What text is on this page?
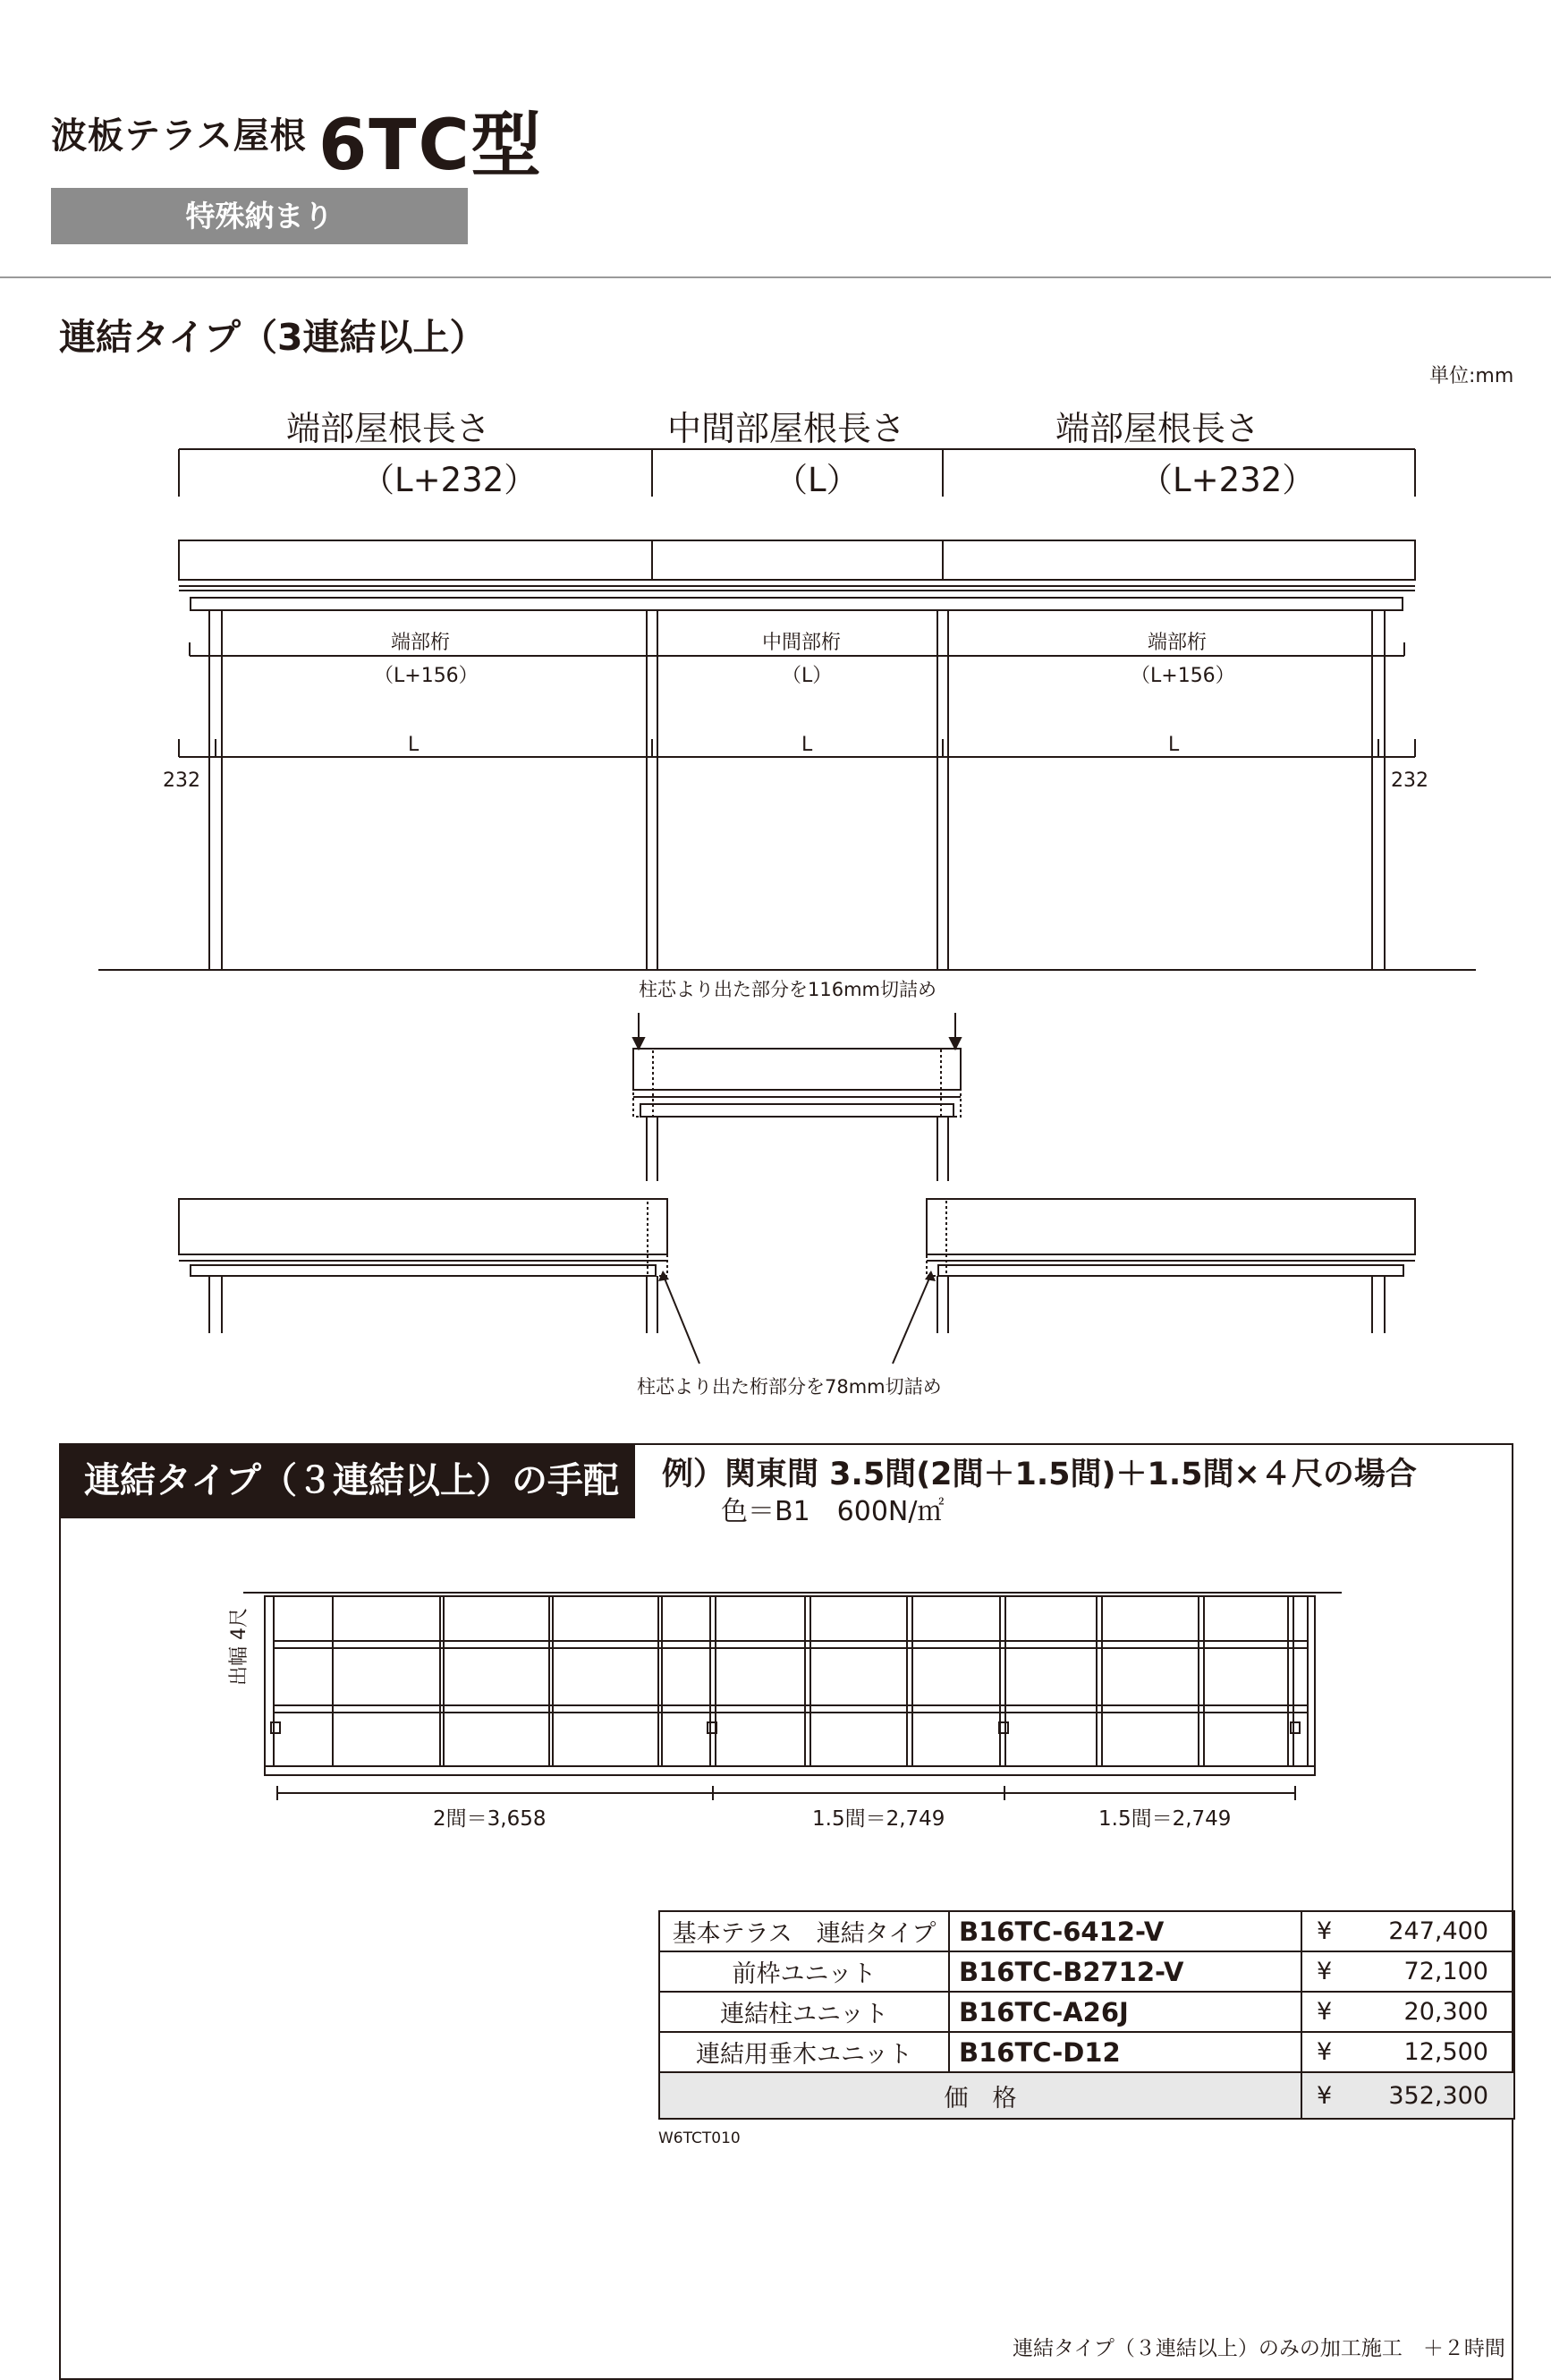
波板テラス屋根 6TC型
特殊納まり
連結タイプ（3連結以上）
単位:mm
端部屋根長さ
（L+232）
中間部屋根長さ
（L）
端部屋根長さ
（L+232）
端部桁
（L+156）
L
中間部桁
（L）
L
端部桁
（L+156）
L
232	232
柱芯より出た部分を116mm切詰め
柱芯より出た桁部分を78mm切詰め
連結タイプ（３連結以上）の手配	例）関東間 3.5間(2間＋1.5間)＋1.5間×４尺の場合
色＝B1　600N/㎡
出幅 4尺
2間＝3,658	1.5間＝2,749	1.5間＝2,749
基本テラス　連結タイプ	B16TC-6412-V	¥ 247,400
前枠ユニット	B16TC-B2712-V	¥ 72,100
連結柱ユニット	B16TC-A26J	¥ 20,300
連結用垂木ユニット	B16TC-D12	¥ 12,500
価　格		¥ 352,300
W6TCT010
連結タイプ（３連結以上）のみの加工施工　＋２時間
